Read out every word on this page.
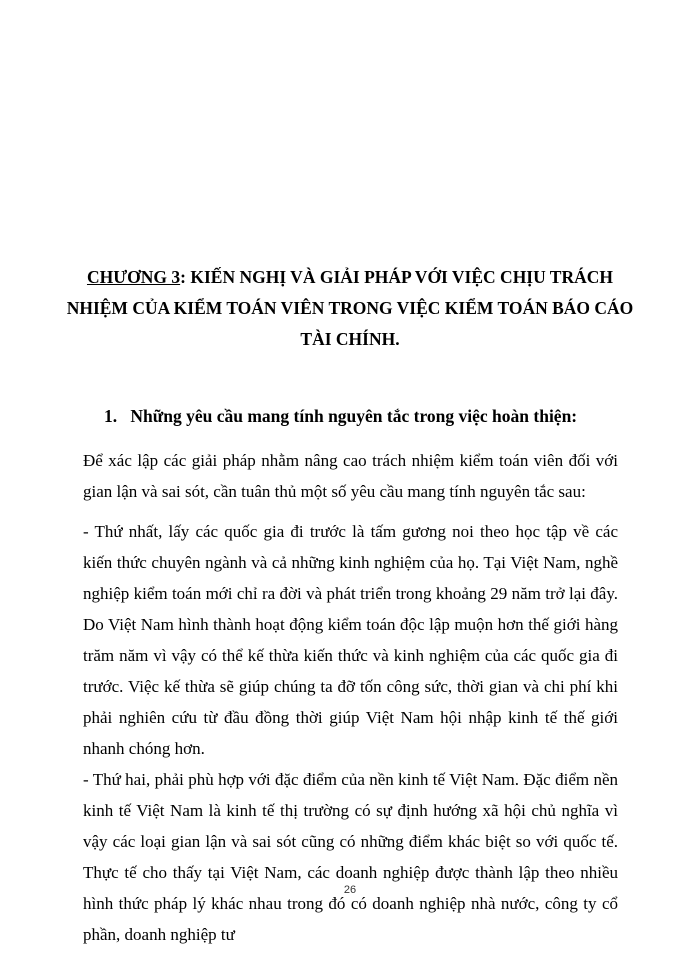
CHƯƠNG 3: KIẾN NGHỊ VÀ GIẢI PHÁP VỚI VIỆC CHỊU TRÁCH NHIỆM CỦA KIỂM TOÁN VIÊN TRONG VIỆC KIỂM TOÁN BÁO CÁO TÀI CHÍNH.
1. Những yêu cầu mang tính nguyên tắc trong việc hoàn thiện:

Để xác lập các giải pháp nhằm nâng cao trách nhiệm kiểm toán viên đối với gian lận và sai sót, cần tuân thủ một số yêu cầu mang tính nguyên tắc sau:

- Thứ nhất, lấy các quốc gia đi trước là tấm gương noi theo học tập về các kiến thức chuyên ngành và cả những kinh nghiệm của họ. Tại Việt Nam, nghề nghiệp kiểm toán mới chỉ ra đời và phát triển trong khoảng 29 năm trở lại đây. Do Việt Nam hình thành hoạt động kiểm toán độc lập muộn hơn thế giới hàng trăm năm vì vậy có thể kế thừa kiến thức và kinh nghiệm của các quốc gia đi trước. Việc kế thừa sẽ giúp chúng ta đỡ tốn công sức, thời gian và chi phí khi phải nghiên cứu từ đầu đồng thời giúp Việt Nam hội nhập kinh tế thế giới nhanh chóng hơn.

- Thứ hai, phải phù hợp với đặc điểm của nền kinh tế Việt Nam. Đặc điểm nền kinh tế Việt Nam là kinh tế thị trường có sự định hướng xã hội chủ nghĩa vì vậy các loại gian lận và sai sót cũng có những điểm khác biệt so với quốc tế. Thực tế cho thấy tại Việt Nam, các doanh nghiệp được thành lập theo nhiều hình thức pháp lý khác nhau trong đó có doanh nghiệp nhà nước, công ty cổ phần, doanh nghiệp tư

26
